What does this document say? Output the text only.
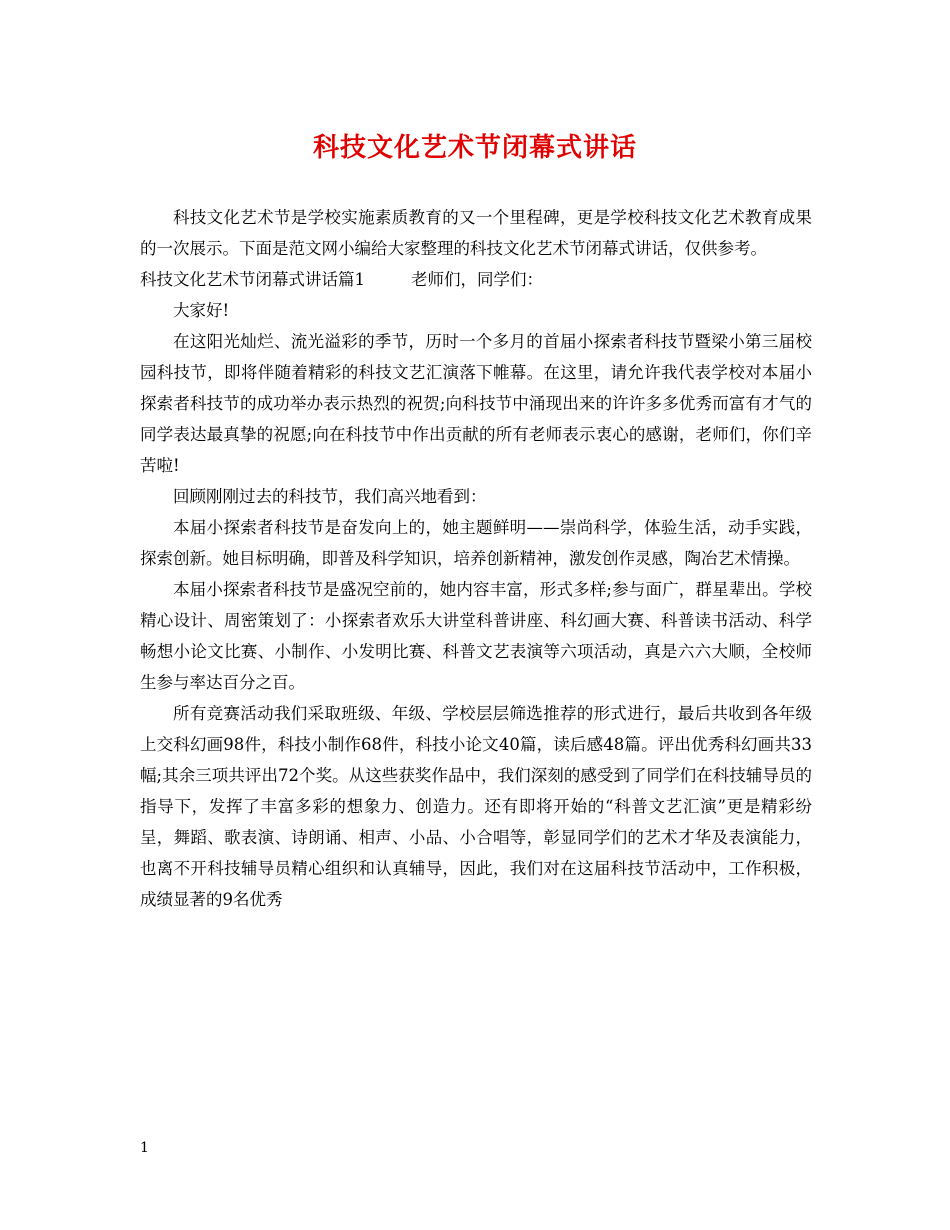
科技文化艺术节闭幕式讲话

科技文化艺术节是学校实施素质教育的又一个里程碑，更是学校科技文化艺术教育成果的一次展示。下面是范文网小编给大家整理的科技文化艺术节闭幕式讲话，仅供参考。

科技文化艺术节闭幕式讲话篇1	老师们，同学们：

大家好!

在这阳光灿烂、流光溢彩的季节，历时一个多月的首届小探索者科技节暨梁小第三届校园科技节，即将伴随着精彩的科技文艺汇演落下帷幕。在这里，请允许我代表学校对本届小探索者科技节的成功举办表示热烈的祝贺;向科技节中涌现出来的许许多多优秀而富有才气的同学表达最真挚的祝愿;向在科技节中作出贡献的所有老师表示衷心的感谢，老师们，你们辛苦啦!

回顾刚刚过去的科技节，我们高兴地看到：

本届小探索者科技节是奋发向上的，她主题鲜明——崇尚科学，体验生活，动手实践，探索创新。她目标明确，即普及科学知识，培养创新精神，激发创作灵感，陶冶艺术情操。

本届小探索者科技节是盛况空前的，她内容丰富，形式多样;参与面广，群星辈出。学校精心设计、周密策划了：小探索者欢乐大讲堂科普讲座、科幻画大赛、科普读书活动、科学畅想小论文比赛、小制作、小发明比赛、科普文艺表演等六项活动，真是六六大顺，全校师生参与率达百分之百。

所有竞赛活动我们采取班级、年级、学校层层筛选推荐的形式进行，最后共收到各年级上交科幻画98件，科技小制作68件，科技小论文40篇，读后感48篇。评出优秀科幻画共33幅;其余三项共评出72个奖。从这些获奖作品中，我们深刻的感受到了同学们在科技辅导员的指导下，发挥了丰富多彩的想象力、创造力。还有即将开始的“科普文艺汇演”更是精彩纷呈，舞蹈、歌表演、诗朗诵、相声、小品、小合唱等，彰显同学们的艺术才华及表演能力，也离不开科技辅导员精心组织和认真辅导，因此，我们对在这届科技节活动中，工作积极，成绩显著的9名优秀

1
